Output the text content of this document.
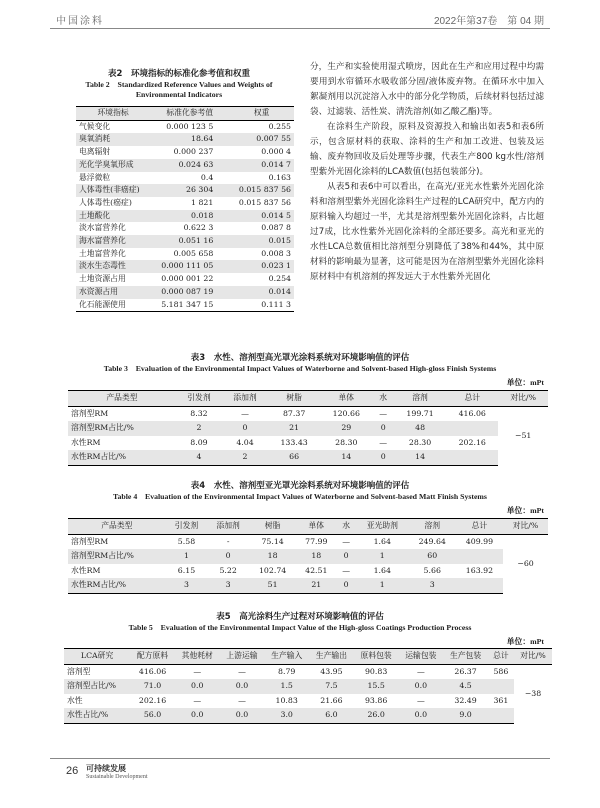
中国涂料	2022年第37卷　第 04 期
表2　环境指标的标准化参考值和权重
Table 2　Standardized Reference Values and Weights of
Environmental Indicators
环境指标	标准化参考值	权重
气候变化	0.000 123 5	0.255
臭氧消耗	18.64	0.007 55
电离辐射	0.000 237	0.000 4
光化学臭氧形成	0.024 63	0.014 7
悬浮微粒	0.4	0.163
人体毒性(非癌症)	26 304	0.015 837 56
人体毒性(癌症)	1 821	0.015 837 56
土地酸化	0.018	0.014 5
淡水富营养化	0.622 3	0.087 8
海水富营养化	0.051 16	0.015
土地富营养化	0.005 658	0.008 3
淡水生态毒性	0.000 111 05	0.023 1
土地资源占用	0.000 001 22	0.254
水资源占用	0.000 087 19	0.014
化石能源使用	5.181 347 15	0.111 3

分，生产和实验使用湿式喷房，因此在生产和应用过程中均需要用到水帘循环水吸收部分固/液体废弃物。在循环水中加入絮凝剂用以沉淀溶入水中的部分化学物质，后续材料包括过滤袋、过滤装、活性炭、清洗溶剂(如乙酸乙酯)等。

在涂料生产阶段，原料及资源投入和输出如表5和表6所示，包含原材料的获取、涂料的生产和加工改进、包装及运输、废弃物回收及后处理等步骤，代表生产800 kg水性/溶剂型紫外光固化涂料的LCA数值(包括包装部分)。

从表5和表6中可以看出，在高光/亚光水性紫外光固化涂料和溶剂型紫外光固化涂料生产过程的LCA研究中，配方内的原料输入均超过一半，尤其是溶剂型紫外光固化涂料，占比超过7成，比水性紫外光固化涂料的全部还要多。高光和亚光的水性LCA总数值相比溶剂型分别降低了38%和44%，其中原材料的影响最为显著，这可能是因为在溶剂型紫外光固化涂料原材料中有机溶剂的挥发远大于水性紫外光固化

表3　水性、溶剂型高光罩光涂料系统对环境影响值的评估
Table 3　Evaluation of the Environmental Impact Values of Waterborne and Solvent-based High-gloss Finish Systems
单位：mPt
产品类型	引发剂	添加剂	树脂	单体	水	溶剂	总计	对比/%
溶剂型RM	8.32	—	87.37	120.66	—	199.71	416.06	−51
溶剂型RM占比/%	2	0	21	29	0	48		
水性RM	8.09	4.04	133.43	28.30	—	28.30	202.16	
水性RM占比/%	4	2	66	14	0	14		
表4　水性、溶剂型亚光罩光涂料系统对环境影响值的评估
Table 4　Evaluation of the Environmental Impact Values of Waterborne and Solvent-based Matt Finish Systems
单位：mPt
产品类型	引发剂	添加剂	树脂	单体	水	亚光助剂	溶剂	总计	对比/%
溶剂型RM	5.58	-	75.14	77.99	—	1.64	249.64	409.99	−60
溶剂型RM占比/%	1	0	18	18	0	1	60		
水性RM	6.15	5.22	102.74	42.51	—	1.64	5.66	163.92	
水性RM占比/%	3	3	51	21	0	1	3		
表5　高光涂料生产过程对环境影响值的评估
Table 5　Evaluation of the Environmental Impact Value of the High-gloss Coatings Production Process
单位：mPt
LCA研究	配方原料	其他耗材	上游运输	生产输入	生产输出	原料包装	运输包装	生产包装	总计	对比/%
溶剂型	416.06	—	—	8.79	43.95	90.83	—	26.37	586	−38
溶剂型占比/%	71.0	0.0	0.0	1.5	7.5	15.5	0.0	4.5		
水性	202.16	—	—	10.83	21.66	93.86	—	32.49	361	
水性占比/%	56.0	0.0	0.0	3.0	6.0	26.0	0.0	9.0		
26 可持续发展
Sustainable Development
